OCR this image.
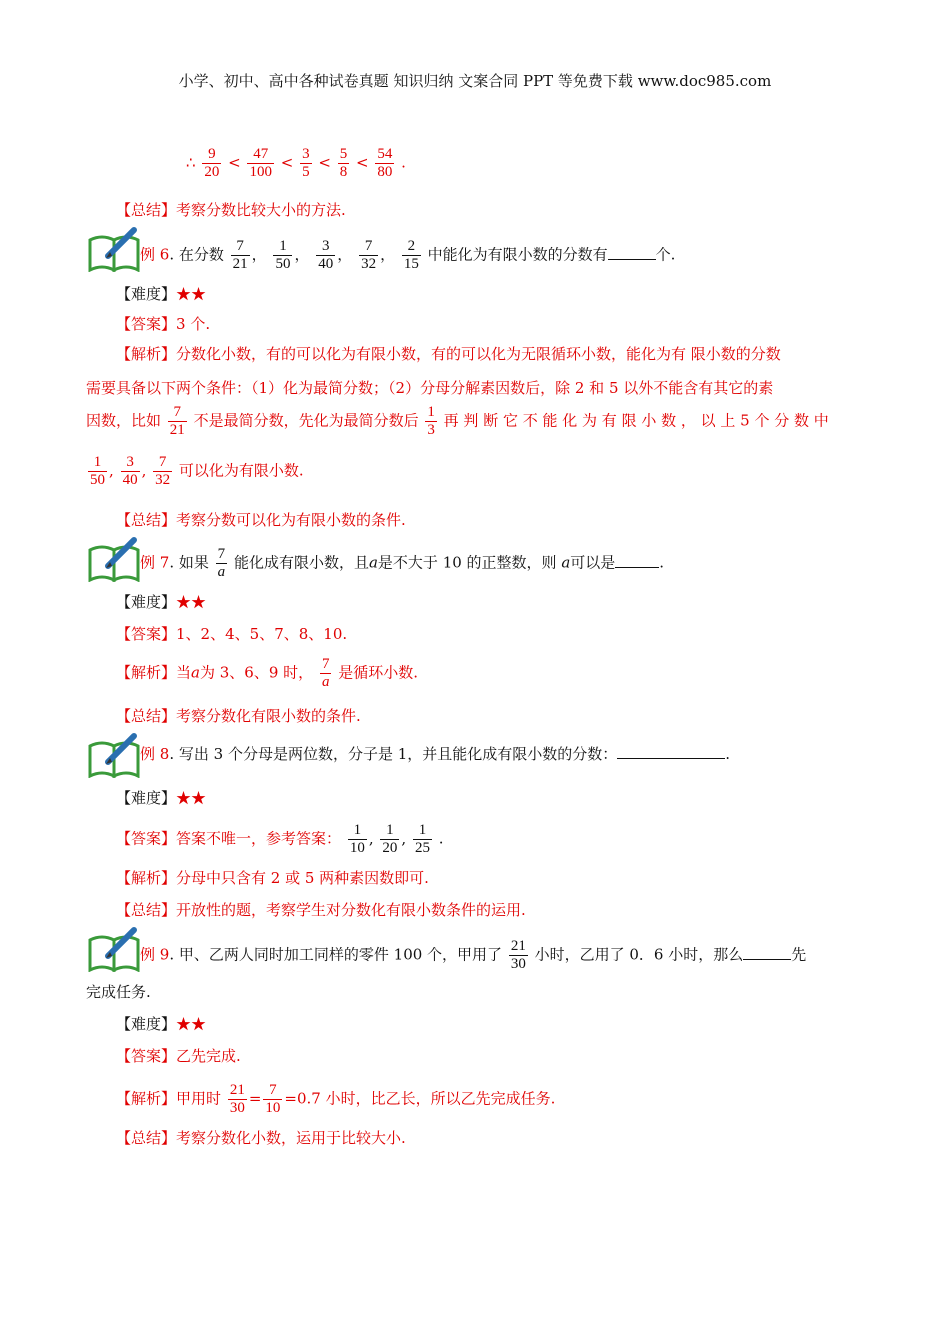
小学、初中、高中各种试卷真题 知识归纳 文案合同 PPT 等免费下载 www.doc985.com
∴ $\frac{9}{20} < \frac{47}{100} < \frac{3}{5} < \frac{5}{8} < \frac{54}{80}$ .
【总结】考察分数比较大小的方法.
例 6. 在分数 $\frac{7}{21}$ ， $\frac{1}{50}$ ， $\frac{3}{40}$ ， $\frac{7}{32}$ ， $\frac{2}{15}$ 中能化为有限小数的分数有	个.
【难度】★★
【答案】3 个.
【解析】分数化小数，有的可以化为有限小数，有的可以化为无限循环小数，能化为有 限小数的分数
需要具备以下两个条件：（1）化为最简分数；（2）分母分解素因数后，除 2 和 5 以外不能含有其它的素
因数，比如 $\frac{7}{21}$ 不是最简分数，先化为最简分数后 $\frac{1}{3}$ 再 判 断 它 不 能 化 为 有 限 小 数 ， 以 上 5 个 分 数 中
$\frac{1}{50}$ , $\frac{3}{40}$ , $\frac{7}{32}$ 可以化为有限小数.
【总结】考察分数可以化为有限小数的条件.
例 7. 如果 $\frac{7}{a}$ 能化成有限小数，且a是不大于 10 的正整数，则 a可以是	.
【难度】★★
【答案】1、2、4、5、7、8、10.
【解析】当a为 3、6、9 时， $\frac{7}{a}$ 是循环小数.
【总结】考察分数化有限小数的条件.
例 8. 写出 3 个分母是两位数，分子是 1，并且能化成有限小数的分数：	.
【难度】★★
【答案】答案不唯一，参考答案： $\frac{1}{10}$ , $\frac{1}{20}$ , $\frac{1}{25}$ .
【解析】分母中只含有 2 或 5 两种素因数即可.
【总结】开放性的题，考察学生对分数化有限小数条件的运用.
例 9. 甲、乙两人同时加工同样的零件 100 个，甲用了 $\frac{21}{30}$ 小时，乙用了 0．6 小时，那么	先
完成任务.
【难度】★★
【答案】乙先完成.
【解析】甲用时 $\frac{21}{30} = \frac{7}{10} =0.7$ 小时，比乙长，所以乙先完成任务.
【总结】考察分数化小数，运用于比较大小.
